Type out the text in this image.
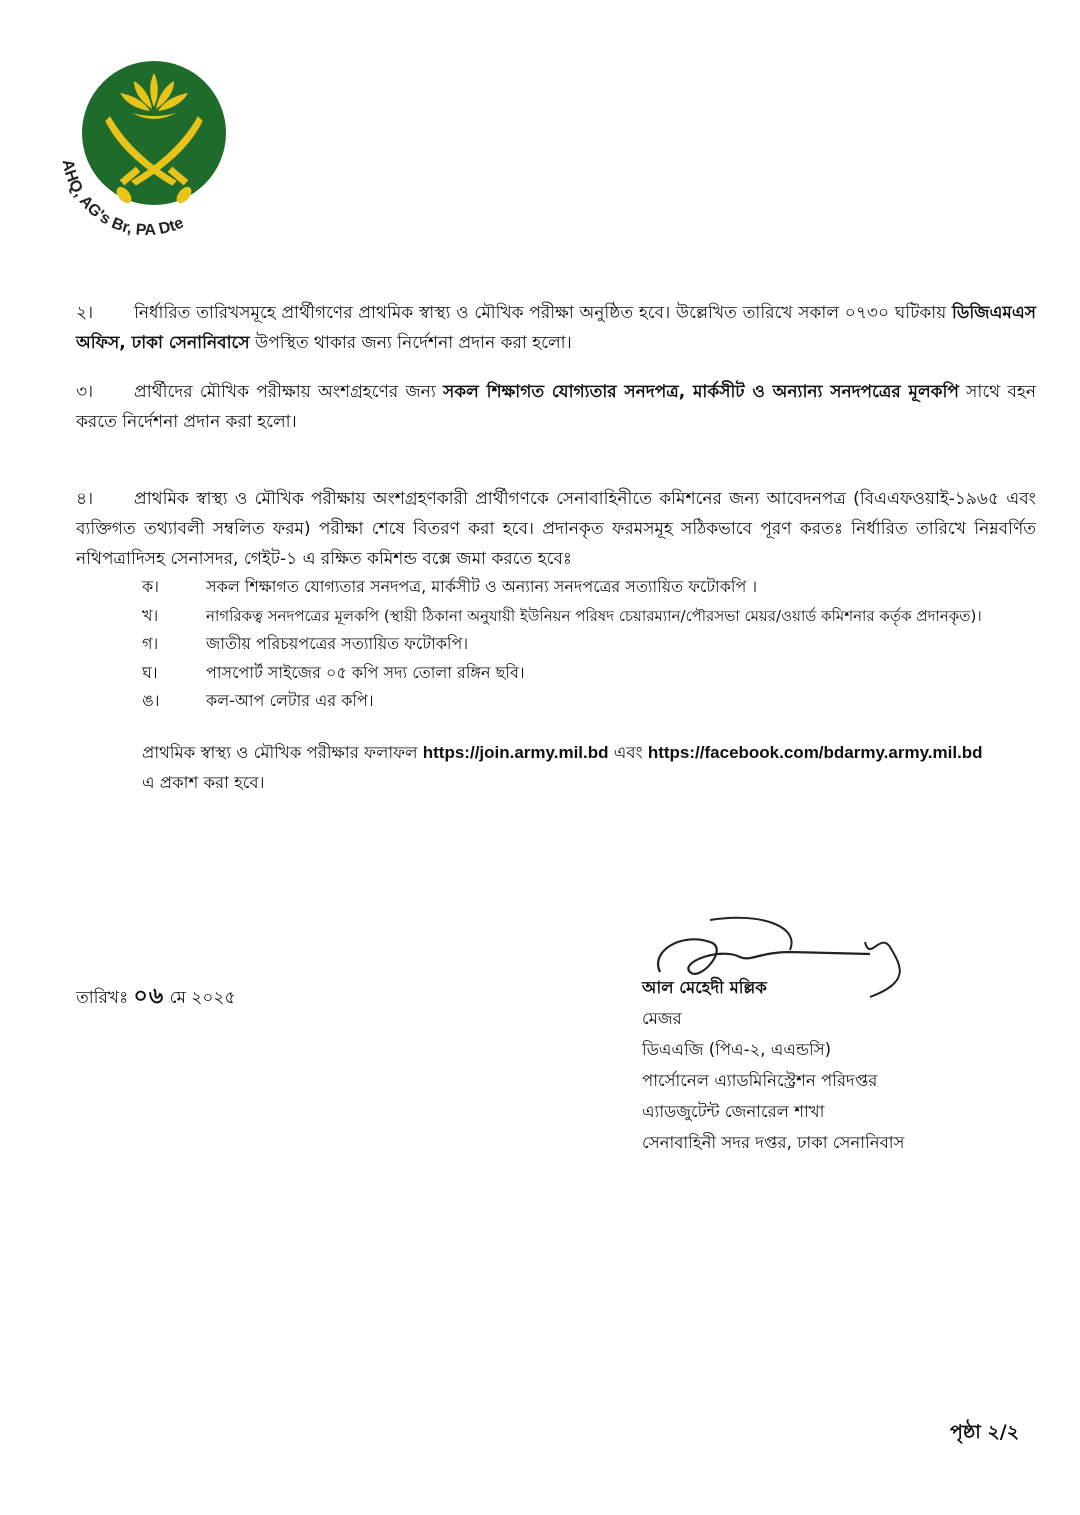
AHQ, AG's Br, PA Dte
২। নির্ধারিত তারিখসমূহে প্রার্থীগণের প্রাথমিক স্বাস্থ্য ও মৌখিক পরীক্ষা অনুষ্ঠিত হবে। উল্লেখিত তারিখে সকাল ০৭৩০ ঘটিকায় ডিজিএমএস অফিস, ঢাকা সেনানিবাসে উপস্থিত থাকার জন্য নির্দেশনা প্রদান করা হলো।
৩। প্রার্থীদের মৌখিক পরীক্ষায় অংশগ্রহণের জন্য সকল শিক্ষাগত যোগ্যতার সনদপত্র, মার্কসীট ও অন্যান্য সনদপত্রের মূলকপি সাথে বহন করতে নির্দেশনা প্রদান করা হলো।
৪। প্রাথমিক স্বাস্থ্য ও মৌখিক পরীক্ষায় অংশগ্রহণকারী প্রার্থীগণকে সেনাবাহিনীতে কমিশনের জন্য আবেদনপত্র (বিএএফওয়াই-১৯৬৫ এবং ব্যক্তিগত তথ্যাবলী সম্বলিত ফরম) পরীক্ষা শেষে বিতরণ করা হবে। প্রদানকৃত ফরমসমূহ সঠিকভাবে পূরণ করতঃ নির্ধারিত তারিখে নিম্নবর্ণিত নথিপত্রাদিসহ সেনাসদর, গেইট-১ এ রক্ষিত কমিশন্ড বক্সে জমা করতে হবেঃ
ক।	সকল শিক্ষাগত যোগ্যতার সনদপত্র, মার্কসীট ও অন্যান্য সনদপত্রের সত্যায়িত ফটোকপি ।
খ।	নাগরিকত্ব সনদপত্রের মূলকপি (স্থায়ী ঠিকানা অনুযায়ী ইউনিয়ন পরিষদ চেয়ারম্যান/পৌরসভা মেয়র/ওয়ার্ড কমিশনার কর্তৃক প্রদানকৃত)।
গ।	জাতীয় পরিচয়পত্রের সত্যায়িত ফটোকপি।
ঘ।	পাসপোর্ট সাইজের ০৫ কপি সদ্য তোলা রঙ্গিন ছবি।
ঙ।	কল-আপ লেটার এর কপি।
প্রাথমিক স্বাস্থ্য ও মৌখিক পরীক্ষার ফলাফল https://join.army.mil.bd এবং https://facebook.com/bdarmy.army.mil.bd
এ প্রকাশ করা হবে।
তারিখঃ ০৬ মে ২০২৫
আল মেহেদী মল্লিক
মেজর
ডিএএজি (পিএ-২, এএন্ডসি)
পার্সোনেল এ্যাডমিনিস্ট্রেশন পরিদপ্তর
এ্যাডজুটেন্ট জেনারেল শাখা
সেনাবাহিনী সদর দপ্তর, ঢাকা সেনানিবাস
পৃষ্ঠা ২/২
